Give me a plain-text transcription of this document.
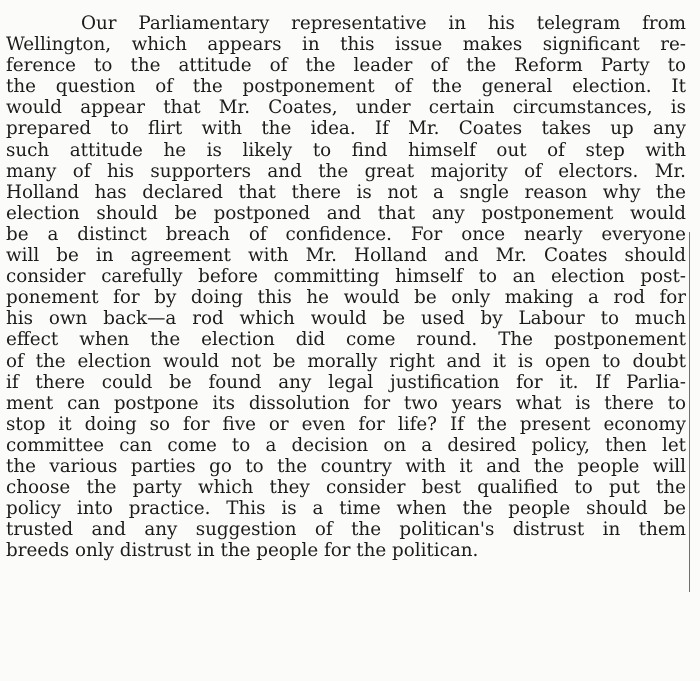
Our Parliamentary representative in his telegram from
Wellington, which appears in this issue makes significant re-
ference to the attitude of the leader of the Reform Party to
the question of the postponement of the general election. It
would appear that Mr. Coates, under certain circumstances, is
prepared to flirt with the idea. If Mr. Coates takes up any
such attitude he is likely to find himself out of step with
many of his supporters and the great majority of electors. Mr.
Holland has declared that there is not a sngle reason why the
election should be postponed and that any postponement would
be a distinct breach of confidence. For once nearly everyone
will be in agreement with Mr. Holland and Mr. Coates should
consider carefully before committing himself to an election post-
ponement for by doing this he would be only making a rod for
his own back—a rod which would be used by Labour to much
effect when the election did come round. The postponement
of the election would not be morally right and it is open to doubt
if there could be found any legal justification for it. If Parlia-
ment can postpone its dissolution for two years what is there to
stop it doing so for five or even for life? If the present economy
committee can come to a decision on a desired policy, then let
the various parties go to the country with it and the people will
choose the party which they consider best qualified to put the
policy into practice. This is a time when the people should be
trusted and any suggestion of the politican's distrust in them
breeds only distrust in the people for the politican.
